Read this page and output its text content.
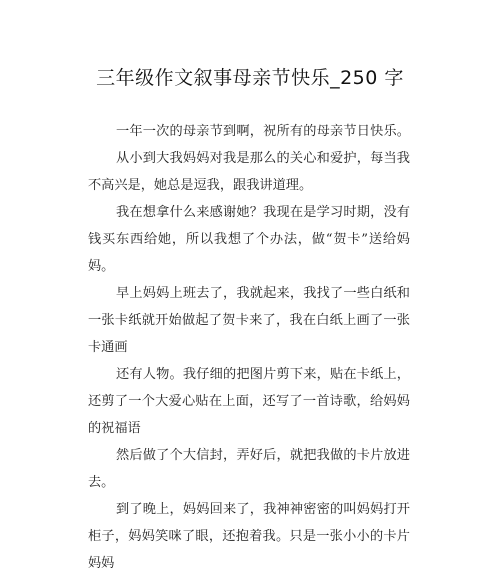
三年级作文叙事母亲节快乐_250 字
一年一次的母亲节到啊，祝所有的母亲节日快乐。
从小到大我妈妈对我是那么的关心和爱护，每当我
不高兴是，她总是逗我，跟我讲道理。
我在想拿什么来感谢她？我现在是学习时期，没有
钱买东西给她，所以我想了个办法，做“贺卡”送给妈
妈。
早上妈妈上班去了，我就起来，我找了一些白纸和
一张卡纸就开始做起了贺卡来了，我在白纸上画了一张
卡通画
还有人物。我仔细的把图片剪下来，贴在卡纸上，
还剪了一个大爱心贴在上面，还写了一首诗歌，给妈妈
的祝福语
然后做了个大信封，弄好后，就把我做的卡片放进
去。
到了晚上，妈妈回来了，我神神密密的叫妈妈打开
柜子，妈妈笑咪了眼，还抱着我。只是一张小小的卡片
妈妈
